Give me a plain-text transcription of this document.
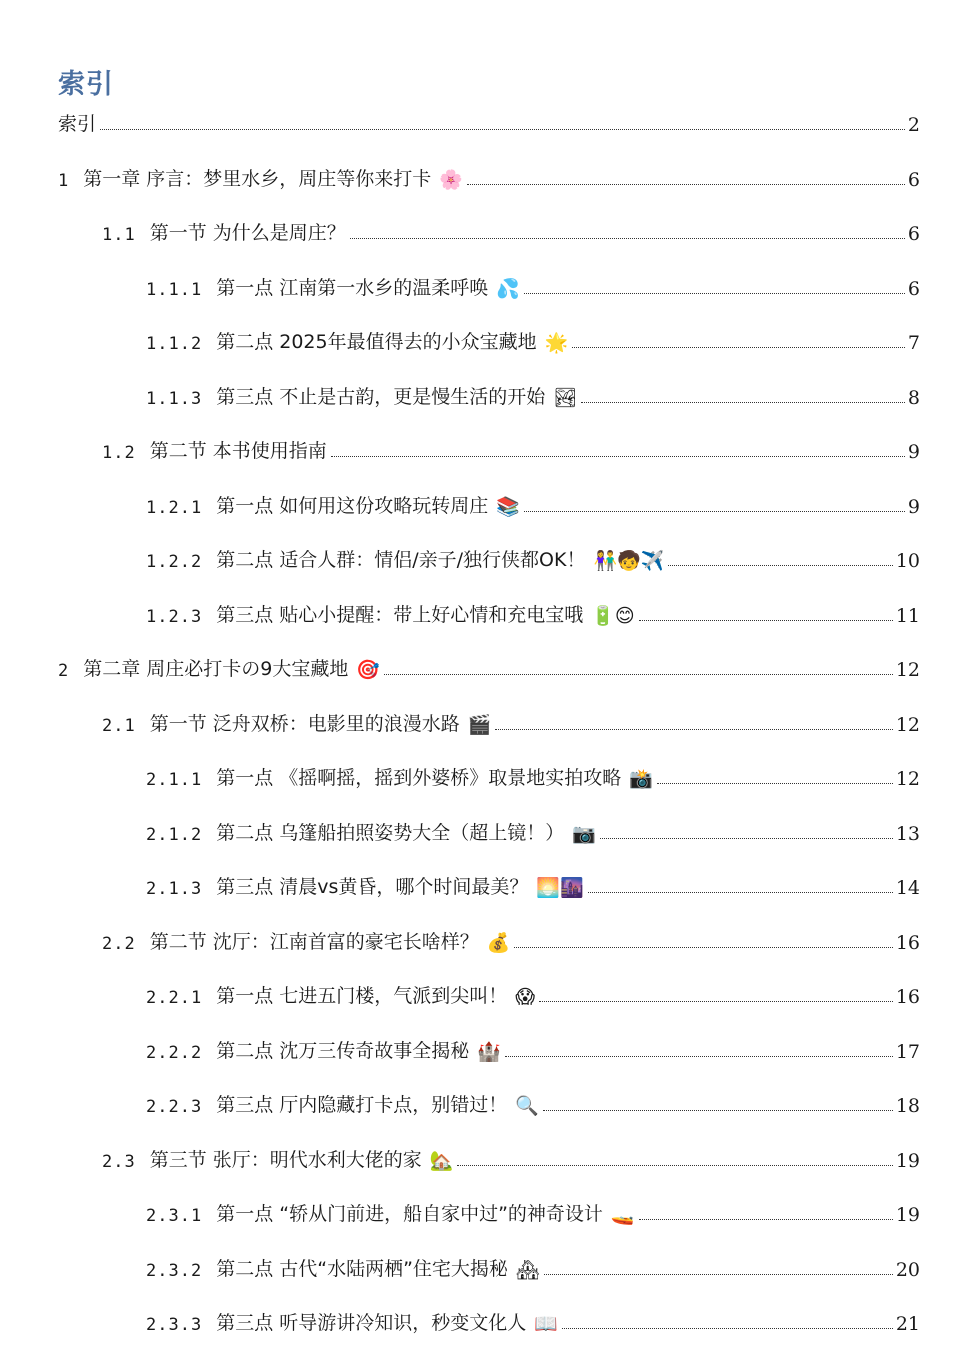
索引
索引	2
1 第一章 序言：梦里水乡，周庄等你来打卡 🌸	6
1.1 第一节 为什么是周庄？	6
1.1.1 第一点 江南第一水乡的温柔呼唤 💦	6
1.1.2 第二点 2025年最值得去的小众宝藏地 🌟	7
1.1.3 第三点 不止是古韵，更是慢生活的开始 🏞	8
1.2 第二节 本书使用指南	9
1.2.1 第一点 如何用这份攻略玩转周庄 📚	9
1.2.2 第二点 适合人群：情侣/亲子/独行侠都OK！ 👫🧒✈️	10
1.2.3 第三点 贴心小提醒：带上好心情和充电宝哦 🔋😊	11
2 第二章 周庄必打卡の9大宝藏地 🎯	12
2.1 第一节 泛舟双桥：电影里的浪漫水路 🎬	12
2.1.1 第一点 《摇啊摇，摇到外婆桥》取景地实拍攻略 📸	12
2.1.2 第二点 乌篷船拍照姿势大全（超上镜！） 📷	13
2.1.3 第三点 清晨vs黄昏，哪个时间最美？ 🌅🌆	14
2.2 第二节 沈厅：江南首富的豪宅长啥样？ 💰	16
2.2.1 第一点 七进五门楼，气派到尖叫！ 😱	16
2.2.2 第二点 沈万三传奇故事全揭秘 🏰	17
2.2.3 第三点 厅内隐藏打卡点，别错过！ 🔍	18
2.3 第三节 张厅：明代水利大佬的家 🏡	19
2.3.1 第一点 “轿从门前进，船自家中过”的神奇设计 🚤	19
2.3.2 第二点 古代“水陆两栖”住宅大揭秘 🏘	20
2.3.3 第三点 听导游讲冷知识，秒变文化人 📖	21
